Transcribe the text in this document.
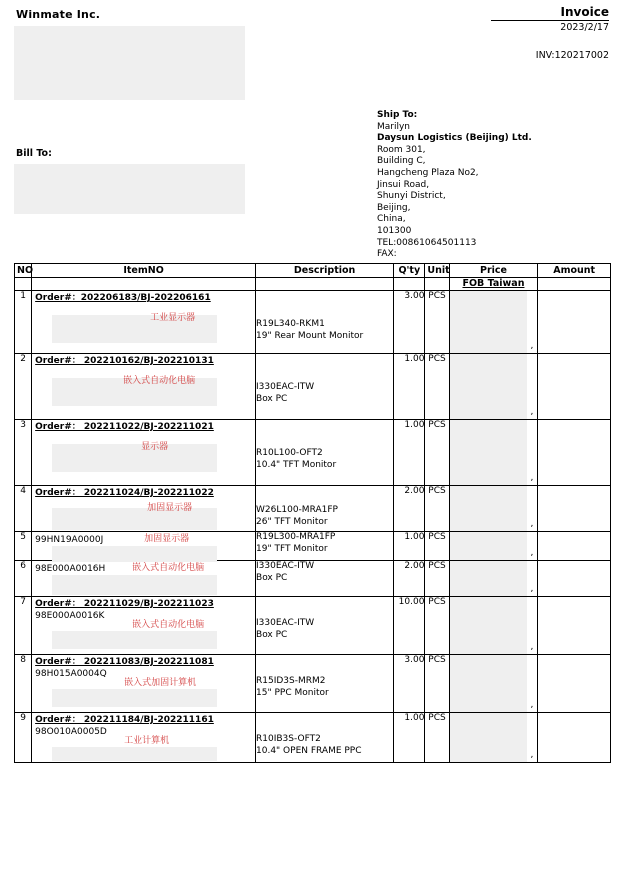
Winmate Inc.	Invoice
2023/2/17
INV:120217002
Bill To:
Ship To:
Marilyn
Daysun Logistics (Beijing) Ltd.
Room 301,
Building C,
Hangcheng Plaza No2,
Jinsui Road,
Shunyi District,
Beijing,
China,
101300
TEL:00861064501113
FAX:
NO	ItemNO	Description	Q'ty	Unit	Price	Amount
					FOB Taiwan	
1	Order#：202206183/BJ-202206161
工业显示器	R19L340-RKM1
19" Rear Mount Monitor	3.00	PCS	,	

2	Order#： 202210162/BJ-202210131
嵌入式自动化电脑	I330EAC-ITW
Box PC	1.00	PCS	,	

3	Order#： 202211022/BJ-202211021
显示器	R10L100-OFT2
10.4" TFT Monitor	1.00	PCS	,	

4	Order#： 202211024/BJ-202211022
加固显示器	W26L100-MRA1FP
26" TFT Monitor	2.00	PCS	,	

5	99HN19A0000J 加固显示器	R19L300-MRA1FP
19" TFT Monitor	1.00	PCS	,	

6	98E000A0016H 嵌入式自动化电脑	I330EAC-ITW
Box PC	2.00	PCS	,	

7	Order#： 202211029/BJ-202211023
98E000A0016K
嵌入式自动化电脑	I330EAC-ITW
Box PC	10.00	PCS	,	

8	Order#： 202211083/BJ-202211081
98H015A0004Q
嵌入式加固计算机	R15ID3S-MRM2
15" PPC Monitor	3.00	PCS	,	

9	Order#： 202211184/BJ-202211161
98O010A0005D
工业计算机	R10IB3S-OFT2
10.4" OPEN FRAME PPC	1.00	PCS	,	
